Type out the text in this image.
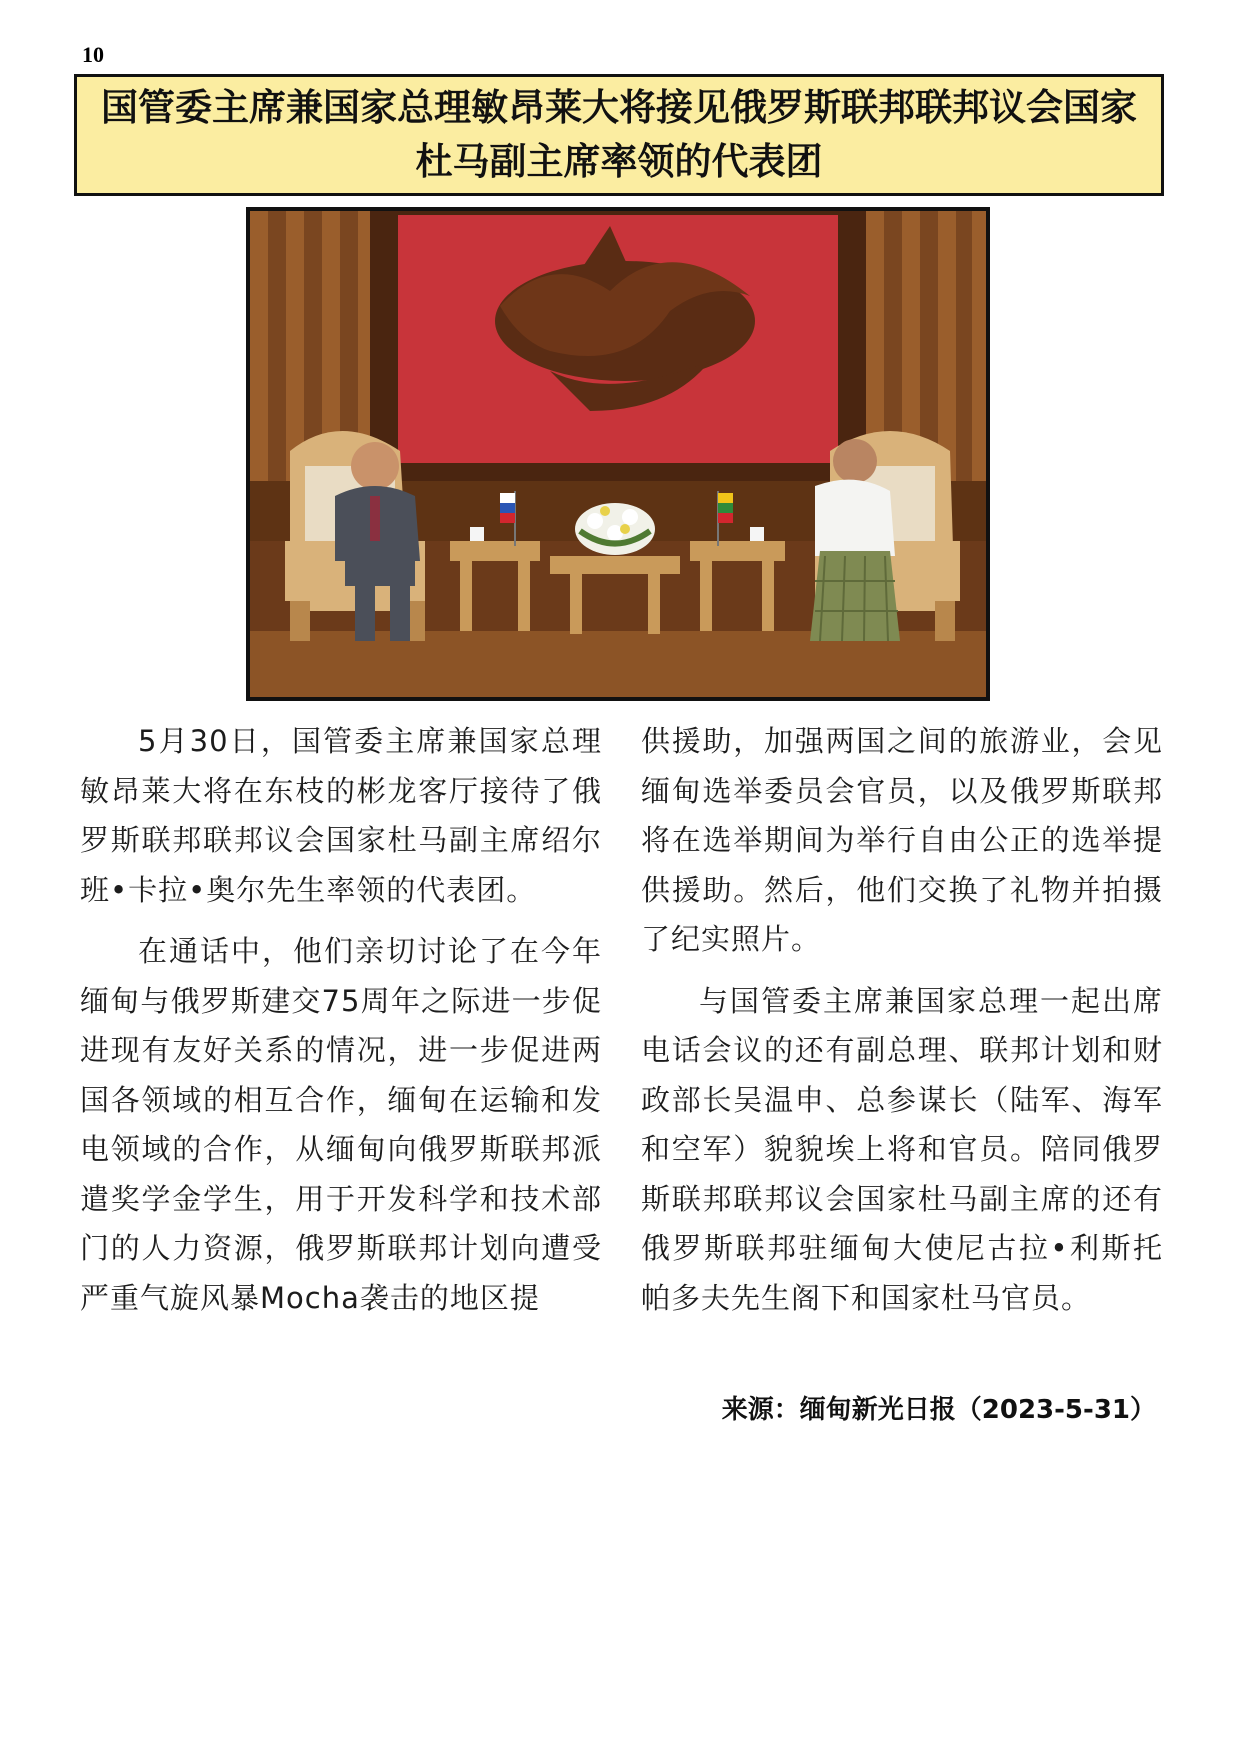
10
国管委主席兼国家总理敏昂莱大将接见俄罗斯联邦联邦议会国家
杜马副主席率领的代表团

5月30日，国管委主席兼国家总理敏昂莱大将在东枝的彬龙客厅接待了俄罗斯联邦联邦议会国家杜马副主席绍尔班•卡拉•奥尔先生率领的代表团。

在通话中，他们亲切讨论了在今年缅甸与俄罗斯建交75周年之际进一步促进现有友好关系的情况，进一步促进两国各领域的相互合作，缅甸在运输和发电领域的合作，从缅甸向俄罗斯联邦派遣奖学金学生，用于开发科学和技术部门的人力资源，俄罗斯联邦计划向遭受严重气旋风暴Mocha袭击的地区提

供援助，加强两国之间的旅游业，会见缅甸选举委员会官员，以及俄罗斯联邦将在选举期间为举行自由公正的选举提供援助。然后，他们交换了礼物并拍摄了纪实照片。

与国管委主席兼国家总理一起出席电话会议的还有副总理、联邦计划和财政部长吴温申、总参谋长（陆军、海军和空军）貌貌埃上将和官员。陪同俄罗斯联邦联邦议会国家杜马副主席的还有俄罗斯联邦驻缅甸大使尼古拉•利斯托帕多夫先生阁下和国家杜马官员。

来源：缅甸新光日报（2023-5-31）
